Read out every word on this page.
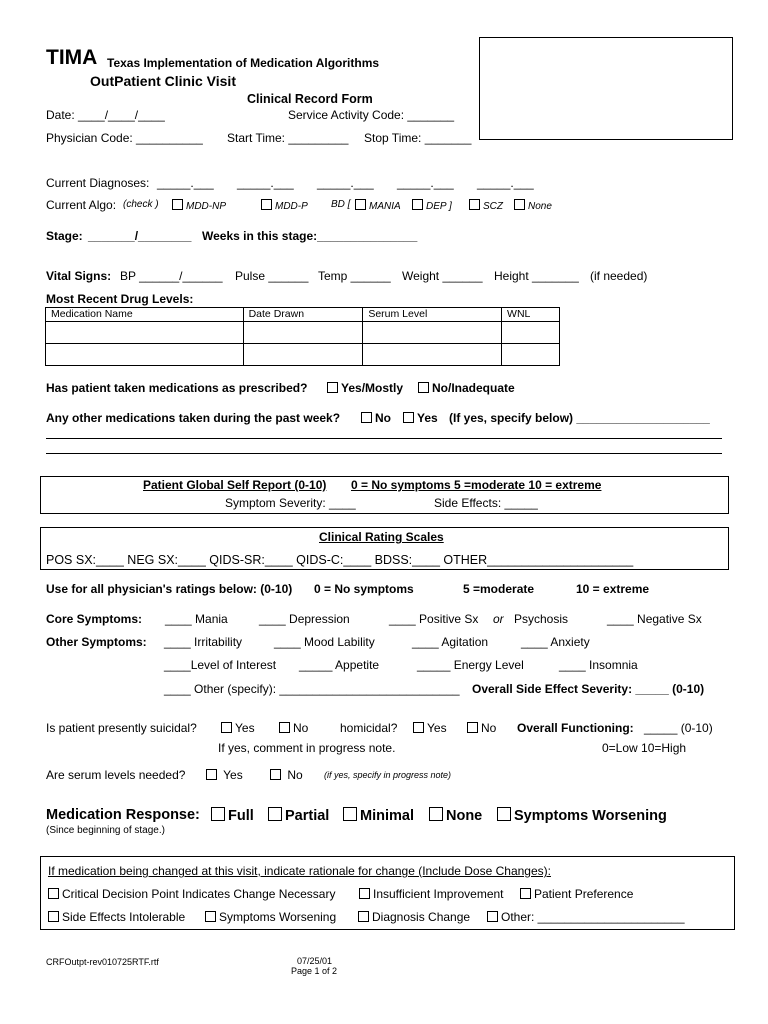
TIMA Texas Implementation of Medication Algorithms
OutPatient Clinic Visit
Clinical Record Form
Date: ____/____/____	Service Activity Code: _______
Physician Code: __________ Start Time: _________ Stop Time: _______
Current Diagnoses: _____.___ _____.___ _____.___ _____.___ _____.___
Current Algo: (check )	MDD-NP	MDD-P BD [	MANIA	DEP ]	SCZ	None
Stage: _______/________ Weeks in this stage:_______________
Vital Signs: BP ______/______ Pulse ______ Temp ______ Weight ______ Height _______ (if needed)
Most Recent Drug Levels:
Medication Name	Date Drawn	Serum Level	WNL

Has patient taken medications as prescribed?	Yes/Mostly	No/Inadequate
Any other medications taken during the past week?	No	Yes (If yes, specify below) ____________________
Patient Global Self Report (0-10) 0 = No symptoms 5 =moderate 10 = extreme
Symptom Severity: ____	Side Effects: _____
Clinical Rating Scales
POS SX:____ NEG SX:____ QIDS-SR:____ QIDS-C:____ BDSS:____ OTHER_____________________
Use for all physician's ratings below: (0-10) 0 = No symptoms	5 =moderate	10 = extreme
Core Symptoms: ____ Mania	____ Depression	____ Positive Sx or Psychosis	____ Negative Sx
Other Symptoms: ____ Irritability	____ Mood Lability	____ Agitation	____ Anxiety
____Level of Interest _____ Appetite	_____ Energy Level	____ Insomnia
____ Other (specify): ___________________________ Overall Side Effect Severity: _____ (0-10)
Is patient presently suicidal?	Yes	No	homicidal?	Yes	No Overall Functioning: _____ (0-10)
If yes, comment in progress note.	0=Low 10=High
Are serum levels needed?	Yes	No (if yes, specify in progress note)
Medication Response:	Full	Partial	Minimal	None	Symptoms Worsening
(Since beginning of stage.)
If medication being changed at this visit, indicate rationale for change (Include Dose Changes):
Critical Decision Point Indicates Change Necessary	Insufficient Improvement	Patient Preference
Side Effects Intolerable	Symptoms Worsening	Diagnosis Change	Other: ______________________
CRFOutpt-rev010725RTF.rtf	07/25/01
Page 1 of 2
